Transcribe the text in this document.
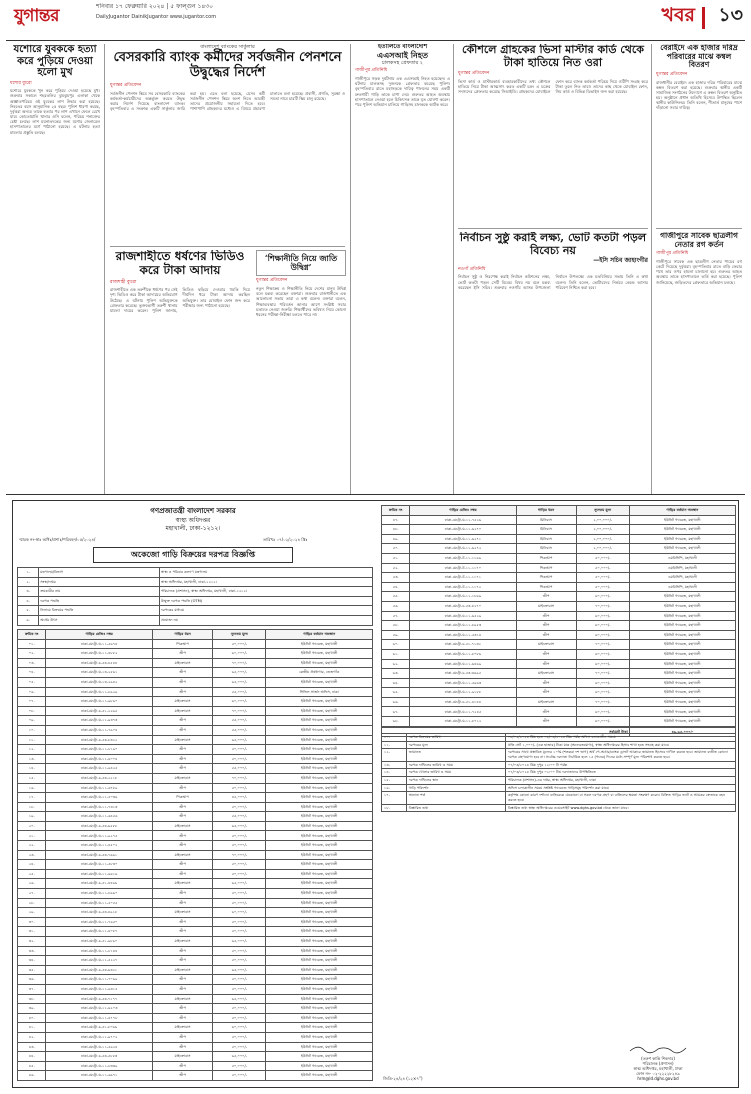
যুগান্তর	শনিবার ১৭ ফেব্রুয়ারি ২০২৪ | ৫ ফাল্গুন ১৪৩০
DailyJugantor DainikJugantor www.jugantor.com	খবর ১৩
যশোরে যুবককে হত্যা করে পুড়িয়ে দেওয়া হলো মুখ
যশোর ব্যুরো
যশোরে যুবককে খুন করে পুড়িয়ে দেওয়া হয়েছে মুখ। শুক্রবার সকালে শহরতলির ঝুমঝুমপুর এলাকা থেকে অজ্ঞাতপরিচয় ওই যুবকের লাশ উদ্ধার করা হয়েছে। নিহতের বয়স আনুমানিক ২৫ বছর। পুলিশ ধারণা করছে, দুর্বৃত্তরা অন্যত্র তাকে হত্যার পর লাশ এখানে ফেলে রেখে যায়। কোতোয়ালি থানার ওসি বলেন, পরিচয় শনাক্তের চেষ্টা চলছে। লাশ ময়নাতদন্তের জন্য যশোর জেনারেল হাসপাতালের মর্গে পাঠানো হয়েছে। এ ঘটনায় হত্যা মামলার প্রস্তুতি চলছে।
বাংলাদেশ ব্যাংকের সার্কুলার
বেসরকারি ব্যাংক কর্মীদের সর্বজনীন পেনশনে উদ্বুদ্ধের নির্দেশ
যুগান্তর প্রতিবেদন
সর্বজনীন পেনশন স্কিমে সব বেসরকারি ব্যাংকের কর্মকর্তা-কর্মচারীদের অন্তর্ভুক্ত করতে উদ্বুদ্ধ করার নির্দেশ দিয়েছে বাংলাদেশ ব্যাংক। বৃহস্পতিবার এ সংক্রান্ত একটি সার্কুলার জারি করা হয়। এতে বলা হয়েছে, যেসব কর্মী সর্বজনীন পেনশন স্কিমে অংশ নিতে আগ্রহী তাদের প্রয়োজনীয় সহায়তা দিতে হবে। পাশাপাশি গ্রাহকদের মধ্যেও এ বিষয়ে প্রচারণা চালাতে বলা হয়েছে। প্রবাসী, প্রগতি, সুরক্ষা ও সমতা নামে চারটি স্কিম চালু রয়েছে।
রাজশাহীতে ধর্ষণের ভিডিও করে টাকা আদায়
রাজশাহী ব্যুরো
রাজশাহীতে এক তরুণীকে ধর্ষণের পর সেই দৃশ্য ভিডিও করে টাকা আদায়ের অভিযোগ উঠেছে। এ ঘটনায় পুলিশ অভিযুক্তকে গ্রেফতার করেছে। ভুক্তভোগী তরুণী থানায় মামলা দায়ের করেন। পুলিশ জানায়, ভিডিও ছড়িয়ে দেওয়ার হুমকি দিয়ে দীর্ঘদিন ধরে টাকা আদায় করছিল অভিযুক্ত। তার মোবাইল ফোন জব্দ করে পরীক্ষার জন্য পাঠানো হয়েছে।
‘শিক্ষানীতি নিয়ে জাতি উদ্বিগ্ন’
যুগান্তর প্রতিবেদন
নতুন শিক্ষাক্রম ও শিক্ষানীতি নিয়ে দেশের মানুষ উদ্বিগ্ন বলে মন্তব্য করেছেন বক্তারা। শুক্রবার রাজধানীতে এক আলোচনা সভায় তারা এ কথা বলেন। বক্তারা বলেন, শিক্ষাব্যবস্থায় পরিবর্তন আনার আগে সংশ্লিষ্ট সবার মতামত নেওয়া জরুরি। শিক্ষার্থীদের ভবিষ্যৎ নিয়ে কোনো ধরনের পরীক্ষা-নিরীক্ষা চলতে পারে না।
ইতালিতে বাংলাদেশি
এএসআই নিহত
চালকসহ গ্রেফতার ২
গাজীপুর প্রতিনিধি
গাজীপুরে সড়ক দুর্ঘটনায় এক এএসআই নিহত হয়েছেন। এ ঘটনায় চালকসহ দুজনকে গ্রেফতার করেছে পুলিশ। বৃহস্পতিবার রাতে মহাসড়কে দায়িত্ব পালনের সময় একটি দ্রুতগামী গাড়ি তাকে চাপা দেয়। গুরুতর আহত অবস্থায় হাসপাতালে নেওয়া হলে চিকিৎসক তাকে মৃত ঘোষণা করেন। পরে পুলিশ অভিযান চালিয়ে গাড়িসহ চালককে আটক করে।
কৌশলে গ্রাহকের ভিসা মাস্টার কার্ড থেকে টাকা হাতিয়ে নিত ওরা
যুগান্তর প্রতিবেদন
ভিসা কার্ড ও মাস্টারকার্ড ব্যবহারকারীদের তথ্য কৌশলে হাতিয়ে নিয়ে টাকা আত্মসাৎ করত একটি চক্র। এ চক্রের সদস্যদের গ্রেফতার করেছে সিআইডি। গ্রাহকদের মোবাইলে ফোন করে ব্যাংক কর্মকর্তা পরিচয় দিয়ে ওটিপি সংগ্রহ করে টাকা তুলে নিত তারা। তাদের কাছ থেকে মোবাইল ফোন, সিম কার্ড ও বিভিন্ন ডিভাইস জব্দ করা হয়েছে।
নির্বাচন সুষ্ঠু করাই লক্ষ্য, ভোট কতটা পড়ল বিবেচ্য নয়
—ইসি সচিব জাহাংগীর
নওগাঁ প্রতিনিধি
নির্বাচন সুষ্ঠু ও নিরপেক্ষ করাই নির্বাচন কমিশনের লক্ষ্য, ভোট কতটা পড়ল সেটি বিবেচ্য বিষয় নয় বলে মন্তব্য করেছেন ইসি সচিব। শুক্রবার নওগাঁয় আসন্ন উপজেলা নির্বাচন উপলক্ষ্যে এক মতবিনিময় সভায় তিনি এ কথা বলেন। তিনি বলেন, ভোটারদের নির্ভয়ে কেন্দ্রে আসার পরিবেশ নিশ্চিত করা হবে।
বেরাইদে এক হাজার দরিদ্র পরিবারের মাঝে কম্বল বিতরণ
যুগান্তর প্রতিবেদন
রাজধানীর বেরাইদে এক হাজার দরিদ্র পরিবারের মাঝে কম্বল বিতরণ করা হয়েছে। শুক্রবার স্থানীয় একটি সামাজিক সংগঠনের উদ্যোগে এ কম্বল বিতরণ অনুষ্ঠিত হয়। অনুষ্ঠানে প্রধান অতিথি হিসেবে উপস্থিত ছিলেন স্থানীয় কাউন্সিলর। তিনি বলেন, শীতার্ত মানুষের পাশে দাঁড়ানো সবার দায়িত্ব।
গাজীপুরে সাবেক ছাত্রলীগ নেতার রগ কর্তন
গাজীপুর প্রতিনিধি
গাজীপুরে সাবেক এক ছাত্রলীগ নেতার পায়ের রগ কেটে দিয়েছে দুর্বৃত্তরা। বৃহস্পতিবার রাতে বাড়ি ফেরার পথে তার ওপর হামলা চালানো হয়। গুরুতর আহত অবস্থায় তাকে হাসপাতালে ভর্তি করা হয়েছে। পুলিশ জানিয়েছে, জড়িতদের গ্রেফতারে অভিযান চলছে।
গণপ্রজাতন্ত্রী বাংলাদেশ সরকার
স্বাস্থ্য অধিদপ্তর
মহাখালী, ঢাকা-১২১২।
স্মারক নং-স্বাঃ অধিঃ/প্রশাঃ/পরিবহন/০৫/২০২৪/	তারিখঃ ০৭/০২/২০২৪ খ্রিঃ
অকেজো গাড়ি বিক্রয়ের দরপত্র বিজ্ঞপ্তি
১.	মন্ত্রণালয়/বিভাগ	স্বাস্থ্য ও পরিবার কল্যাণ মন্ত্রণালয়
২.	সংস্থা/দপ্তর	স্বাস্থ্য অধিদপ্তর, মহাখালী, ঢাকা-১২১২।
৩.	ক্রয়কারীর নাম	পরিচালক (প্রশাসন), স্বাস্থ্য অধিদপ্তর, মহাখালী, ঢাকা-১২১২।
৪.	দরপত্র পদ্ধতি	উন্মুক্ত দরপত্র পদ্ধতি (OTM)
৫.	নিলামে বিক্রয়ের পদ্ধতি	দরপত্রের মাধ্যমে
৬.	অর্থের উৎস	প্রযোজ্য নয়
ক্রমিক নং	গাড়ির রেজিঃ নম্বর	গাড়ির ধরন	ন্যূনতম মূল্য	গাড়ির বর্তমান অবস্থান
০১.	ঢাকা-মেট্রো-ঘ-১১-৫৬৭৪	পিকআপ	৫০,০০০/-	ইউনিট গ্যারেজ, মহাখালী
০২.	ঢাকা-মেট্রো-ঘ-১১-৪৮৮২	জীপ	৬০,০০০/-	ইউনিট গ্যারেজ, মহাখালী
০৩.	ঢাকা-মেট্রো-চ-৫৩-৪৫৪৪	মাইক্রোবাস	৭০,০০০/-	ইউনিট গ্যারেজ, মহাখালী
০৪.	ঢাকা-মেট্রো-ঘ-১৩-২৫৬১	জীপ	৬৫,০০০/-	কেন্দ্রীয় ঔষধাগার, তেজগাঁও
০৫.	ঢাকা-মেট্রো-ঘ-১৩-২৯৪২	জীপ	৬৫,০০০/-	ইউনিট গ্যারেজ, মহাখালী
০৬.	ঢাকা-মেট্রো-ঘ-১১-৮৯২৯	জীপ	৫৫,০০০/-	সিভিল সার্জন অফিস, ঢাকা
০৭.	ঢাকা-মেট্রো-ঘ-১১-৯৮৯০	মাইক্রোবাস	৬০,০০০/-	ইউনিট গ্যারেজ, মহাখালী
০৮.	ঢাকা-মেট্রো-চ-৫১-২২৬৫	মাইক্রোবাস	৭০,০০০/-	ইউনিট গ্যারেজ, মহাখালী
০৯.	ঢাকা-মেট্রো-ঘ-১১-৯৩৭৩	জীপ	৫৫,০০০/-	ইউনিট গ্যারেজ, মহাখালী
১০.	ঢাকা-মেট্রো-ঘ-১১-৭৯০৪	জীপ	৫৫,০০০/-	ইউনিট গ্যারেজ, মহাখালী
১১.	ঢাকা-মেট্রো-চ-৫৩-৮৩২২	মাইক্রোবাস	৬৫,০০০/-	ইউনিট গ্যারেজ, মহাখালী
১২.	ঢাকা-মেট্রো-ঘ-১১-৮১৯০	জীপ	৫০,০০০/-	ইউনিট গ্যারেজ, মহাখালী
১৩.	ঢাকা-মেট্রো-ঘ-১১-৬০০৪	জীপ	৫০,০০০/-	ইউনিট গ্যারেজ, মহাখালী
১৪.	ঢাকা-মেট্রো-ঘ-১১-৯৪২৫	জীপ	৫৫,০০০/-	ইউনিট গ্যারেজ, মহাখালী
১৫.	ঢাকা-মেট্রো-চ-৫৩-২২১৮	মাইক্রোবাস	৭০,০০০/-	ইউনিট গ্যারেজ, মহাখালী
১৬.	ঢাকা-মেট্রো-ঘ-১১-৬৭৮৯	জীপ	৫০,০০০/-	ইউনিট গ্যারেজ, মহাখালী
১৭.	ঢাকা-মেট্রো-ঘ-১১-৫০৩৬	পিকআপ	৪৫,০০০/-	ইউনিট গ্যারেজ, মহাখালী
১৮.	ঢাকা-মেট্রো-ঘ-১১-৭৩১৩	জীপ	৫০,০০০/-	ইউনিট গ্যারেজ, মহাখালী
১৯.	ঢাকা-মেট্রো-ঘ-১১-৬৪৫৬	জীপ	৫৫,০০০/-	ইউনিট গ্যারেজ, মহাখালী
২০.	ঢাকা-মেট্রো-চ-৫৩-৬৫৮৮	মাইক্রোবাস	৬৫,০০০/-	ইউনিট গ্যারেজ, মহাখালী
২১.	ঢাকা-মেট্রো-ঘ-১১-৯২৭৫	জীপ	৫০,০০০/-	ইউনিট গ্যারেজ, মহাখালী
২২.	ঢাকা-মেট্রো-ঘ-১১-৪৫০২	জীপ	৫০,০০০/-	ইউনিট গ্যারেজ, মহাখালী
২৩.	ঢাকা-মেট্রো-চ-৫৩-৭৬৯১	মাইক্রোবাস	৭০,০০০/-	ইউনিট গ্যারেজ, মহাখালী
২৪.	ঢাকা-মেট্রো-ঘ-১১-৫৮৩০	জীপ	৫০,০০০/-	ইউনিট গ্যারেজ, মহাখালী
২৫.	ঢাকা-মেট্রো-ঘ-১১-৬৬১৬	জীপ	৫০,০০০/-	ইউনিট গ্যারেজ, মহাখালী
২৬.	ঢাকা-মেট্রো-চ-৫১-৪৪৬৬	মাইক্রোবাস	৬৫,০০০/-	ইউনিট গ্যারেজ, মহাখালী
২৭.	ঢাকা-মেট্রো-ঘ-১১-৮৯৬০	জীপ	৫০,০০০/-	ইউনিট গ্যারেজ, মহাখালী
২৮.	ঢাকা-মেট্রো-ঘ-১১-৫০৫৫	জীপ	৫০,০০০/-	ইউনিট গ্যারেজ, মহাখালী
২৯.	ঢাকা-মেট্রো-চ-৫৩-৪৯১৮	মাইক্রোবাস	৬০,০০০/-	ইউনিট গ্যারেজ, মহাখালী
৩০.	ঢাকা-মেট্রো-ঘ-১১-৭৬৫০	জীপ	৫০,০০০/-	ইউনিট গ্যারেজ, মহাখালী
৩১.	ঢাকা-মেট্রো-ঘ-১১-৬০৮৭	জীপ	৫০,০০০/-	ইউনিট গ্যারেজ, মহাখালী
৩২.	ঢাকা-মেট্রো-চ-৫১-৯৮৯০	মাইক্রোবাস	৬৫,০০০/-	ইউনিট গ্যারেজ, মহাখালী
৩৩.	ঢাকা-মেট্রো-ঘ-১১-৮১৪৪	জীপ	৫০,০০০/-	ইউনিট গ্যারেজ, মহাখালী
৩৪.	ঢাকা-মেট্রো-ঘ-১১-৫২২৭	জীপ	৫০,০০০/-	ইউনিট গ্যারেজ, মহাখালী
৩৫.	ঢাকা-মেট্রো-চ-৫৩-৬৩২১	মাইক্রোবাস	৬৫,০০০/-	ইউনিট গ্যারেজ, মহাখালী
৩৬.	ঢাকা-মেট্রো-ঘ-১১-৭০৯৯	জীপ	৫০,০০০/-	ইউনিট গ্যারেজ, মহাখালী
৩৭.	ঢাকা-মেট্রো-ঘ-১১-৯৩১৫	জীপ	৫০,০০০/-	ইউনিট গ্যারেজ, মহাখালী
৩৮.	ঢাকা-মেট্রো-চ-৫৩-৭১৭৭	মাইক্রোবাস	৬৫,০০০/-	ইউনিট গ্যারেজ, মহাখালী
৩৯.	ঢাকা-মেট্রো-ঘ-১১-৬২০৩	জীপ	৫০,০০০/-	ইউনিট গ্যারেজ, মহাখালী
৪০.	ঢাকা-মেট্রো-ঘ-১১-৪৭৭৮	জীপ	৫০,০০০/-	ইউনিট গ্যারেজ, মহাখালী
৪১.	ঢাকা-মেট্রো-চ-৫১-৮০৬৬	মাইক্রোবাস	৬০,০০০/-	ইউনিট গ্যারেজ, মহাখালী
৪২.	ঢাকা-মেট্রো-ঘ-১১-৯৭০২	জীপ	৫০,০০০/-	ইউনিট গ্যারেজ, মহাখালী
৪৩.	ঢাকা-মেট্রো-ঘ-১১-৫৬২৪	জীপ	৫০,০০০/-	ইউনিট গ্যারেজ, মহাখালী
৪৪.	ঢাকা-মেট্রো-চ-৫৩-৫৮৫৩	মাইক্রোবাস	৬৫,০০০/-	ইউনিট গ্যারেজ, মহাখালী
৪৫.	ঢাকা-মেট্রো-ঘ-১১-৮৩৩৯	জীপ	৫০,০০০/-	ইউনিট গ্যারেজ, মহাখালী
৪৬.	ঢাকা-মেট্রো-ঘ-১১-৬৯৭১	জীপ	৫০,০০০/-	ইউনিট গ্যারেজ, মহাখালী
ক্রমিক নং	গাড়ির রেজিঃ নম্বর	গাড়ির ধরন	ন্যূনতম মূল্য	গাড়ির বর্তমান অবস্থান
৪৭.	ঢাকা-মেট্রো-ঘ-১১-৭৫২৬	মিনিবাস	২,০০,০০০/-	ইউনিট গ্যারেজ, মহাখালী
৪৮.	ঢাকা-মেট্রো-ঘ-১১-৬২৭০	মিনিবাস	২,০০,০০০/-	ইউনিট গ্যারেজ, মহাখালী
৪৯.	ঢাকা-মেট্রো-ঘ-১১-৬২৭১	মিনিবাস	২,০০,০০০/-	ইউনিট গ্যারেজ, মহাখালী
৫০.	ঢাকা-মেট্রো-ঘ-১১-৬২৭২	মিনিবাস	২,০০,০০০/-	ইউনিট গ্যারেজ, মহাখালী
৫১.	ঢাকা-মেট্রো-ট-১১-১১৬৯	পিকআপ	৫০,০০০/-	এমবিসিপি, মহাখালী
৫২.	ঢাকা-মেট্রো-ট-১১-১১৭০	পিকআপ	৫০,০০০/-	এমবিসিপি, মহাখালী
৫৩.	ঢাকা-মেট্রো-ট-১১-১১৭১	পিকআপ	৫০,০০০/-	এমবিসিপি, মহাখালী
৫৪.	ঢাকা-মেট্রো-ট-১১-১১৭২	পিকআপ	৫০,০০০/-	এমবিসিপি, মহাখালী
৫৫.	ঢাকা-মেট্রো-ঘ-১১-১৮৬৯	জীপ	৬০,০০০/-	ইউনিট গ্যারেজ, মহাখালী
৫৬.	ঢাকা-মেট্রো-চ-৫৩-৪২৭০	মাইক্রোবাস	৭০,০০০/-	ইউনিট গ্যারেজ, মহাখালী
৫৭.	ঢাকা-মেট্রো-ঘ-১১-৬৫২৯	জীপ	৬০,০০০/-	ইউনিট গ্যারেজ, মহাখালী
৫৮.	ঢাকা-মেট্রো-ঘ-১১-৮৯৫৩	জীপ	৬০,০০০/-	ইউনিট গ্যারেজ, মহাখালী
৫৯.	ঢাকা-মেট্রো-ঘ-১১-৫৩১৪	জীপ	৬০,০০০/-	ইউনিট গ্যারেজ, মহাখালী
৬০.	ঢাকা-মেট্রো-চ-৫১-৭১৩২	মাইক্রোবাস	৭০,০০০/-	ইউনিট গ্যারেজ, মহাখালী
৬১.	ঢাকা-মেট্রো-ঘ-১১-৮০৮৬	জীপ	৬০,০০০/-	ইউনিট গ্যারেজ, মহাখালী
৬২.	ঢাকা-মেট্রো-ঘ-১১-৬৪৬৯	জীপ	৬০,০০০/-	ইউনিট গ্যারেজ, মহাখালী
৬৩.	ঢাকা-মেট্রো-চ-৫৩-৩৬৯৫	মাইক্রোবাস	৭০,০০০/-	ইউনিট গ্যারেজ, মহাখালী
৬৪.	ঢাকা-মেট্রো-ঘ-১১-৫৯৬৩	জীপ	৬০,০০০/-	ইউনিট গ্যারেজ, মহাখালী
৬৫.	ঢাকা-মেট্রো-ঘ-১১-৯১৮৮	জীপ	৬০,০০০/-	ইউনিট গ্যারেজ, মহাখালী
৬৬.	ঢাকা-মেট্রো-চ-৫১-৪১৪৪	মাইক্রোবাস	৭০,০০০/-	ইউনিট গ্যারেজ, মহাখালী
৬৭.	ঢাকা-মেট্রো-ঘ-১১-৭২৪৫	জীপ	৬০,০০০/-	ইউনিট গ্যারেজ, মহাখালী
৬৮.	ঢাকা-মেট্রো-ঘ-১১-৮৭১২	জীপ	৬০,০০০/-	ইউনিট গ্যারেজ, মহাখালী
সর্বমোট টাকা	৪৬,৬৫,০০০/-
১০.	দরপত্র বিক্রয়ের তারিখ	০৮/০২/২০২৪ খ্রিঃ হতে ০৬/০৩/২০২৪ খ্রিঃ পর্যন্ত অফিস চলাকালীন সময়ে
১১.	দরপত্রের মূল্য	প্রতি সেট ১,০০০/- (এক হাজার) টাকা মাত্র (অফেরতযোগ্য), স্বাস্থ্য অধিদপ্তরের হিসাব শাখা হতে সংগ্রহ করা যাবে।
১২.	জামানত	দরপত্রের সাথে প্রস্তাবিত মূল্যের ১০% (শতকরা দশ ভাগ) অর্থ পে-অর্ডার/ব্যাংক ড্রাফট আকারে জামানত হিসেবে দাখিল করতে হবে। জামানত ব্যতীত কোনো দরপত্র গ্রহণযোগ্য হবে না। সর্বোচ্চ দরদাতা নির্বাচিত হলে ১৫ (পনের) দিনের মধ্যে সম্পূর্ণ মূল্য পরিশোধ করতে হবে।
১৩.	দরপত্র দাখিলের তারিখ ও সময়	০৭/০৩/২০২৪ খ্রিঃ দুপুর ১২:০০ টা পর্যন্ত
১৪.	দরপত্র খোলার তারিখ ও সময়	০৭/০৩/২০২৪ খ্রিঃ দুপুর ০২:০০ টায় দরদাতাদের উপস্থিতিতে
১৫.	দরপত্র দাখিলের স্থান	পরিচালক (প্রশাসন)-এর দপ্তর, স্বাস্থ্য অধিদপ্তর, মহাখালী, ঢাকা
১৬.	গাড়ি পরিদর্শন	অফিস চলাকালীন সময়ে সংশ্লিষ্ট গ্যারেজে গাড়িসমূহ পরিদর্শন করা যাবে।
১৭.	অন্যান্য শর্ত	কর্তৃপক্ষ কোনো কারণ দর্শানো ব্যতিরেকে যেকোনো বা সকল দরপত্র গ্রহণ বা বাতিলের ক্ষমতা সংরক্ষণ করেন। বিক্রিত গাড়ির ভ্যাট ও আয়কর ক্রেতাকে বহন করতে হবে।
১৮.	বিস্তারিত তথ্য	বিস্তারিত তথ্য স্বাস্থ্য অধিদপ্তরের ওয়েবসাইট www.dghs.gov.bd থেকে জানা যাবে।
(তরুণ কান্তি শিকদার)
পরিচালক (প্রশাসন)
স্বাস্থ্য অধিদপ্তর, মহাখালী, ঢাকা
ফোন নং- ০২-২২২২৮২৪৯
hrm@ld.dghs.gov.bd
জিডি-২৪/২৪ (১২×৭”)
